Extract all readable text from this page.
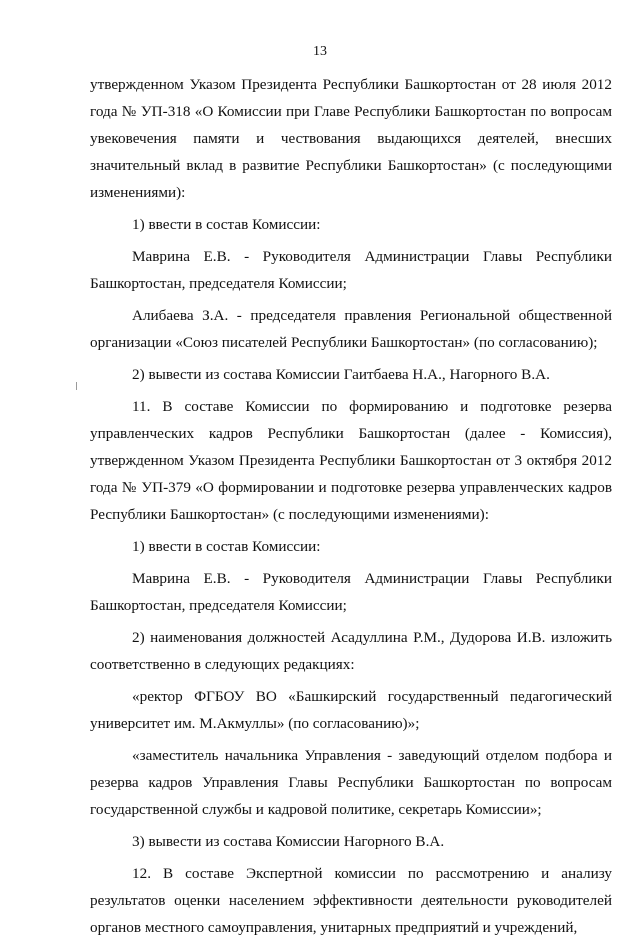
13

утвержденном Указом Президента Республики Башкортостан от 28 июля 2012 года № УП-318 «О Комиссии при Главе Республики Башкортостан по вопросам увековечения памяти и чествования выдающихся деятелей, внесших значительный вклад в развитие Республики Башкортостан» (с последующими изменениями):

1) ввести в состав Комиссии:

Маврина Е.В. - Руководителя Администрации Главы Республики Башкортостан, председателя Комиссии;

Алибаева З.А. - председателя правления Региональной общественной организации «Союз писателей Республики Башкортостан» (по согласованию);

2) вывести из состава Комиссии Гаитбаева Н.А., Нагорного В.А.

11. В составе Комиссии по формированию и подготовке резерва управленческих кадров Республики Башкортостан (далее - Комиссия), утвержденном Указом Президента Республики Башкортостан от 3 октября 2012 года № УП-379 «О формировании и подготовке резерва управленческих кадров Республики Башкортостан» (с последующими изменениями):

1) ввести в состав Комиссии:

Маврина Е.В. - Руководителя Администрации Главы Республики Башкортостан, председателя Комиссии;

2) наименования должностей Асадуллина Р.М., Дудорова И.В. изложить соответственно в следующих редакциях:

«ректор ФГБОУ ВО «Башкирский государственный педагогический университет им. М.Акмуллы» (по согласованию)»;

«заместитель начальника Управления - заведующий отделом подбора и резерва кадров Управления Главы Республики Башкортостан по вопросам государственной службы и кадровой политике, секретарь Комиссии»;

3) вывести из состава Комиссии Нагорного В.А.

12. В составе Экспертной комиссии по рассмотрению и анализу результатов оценки населением эффективности деятельности руководителей органов местного самоуправления, унитарных предприятий и учреждений,
